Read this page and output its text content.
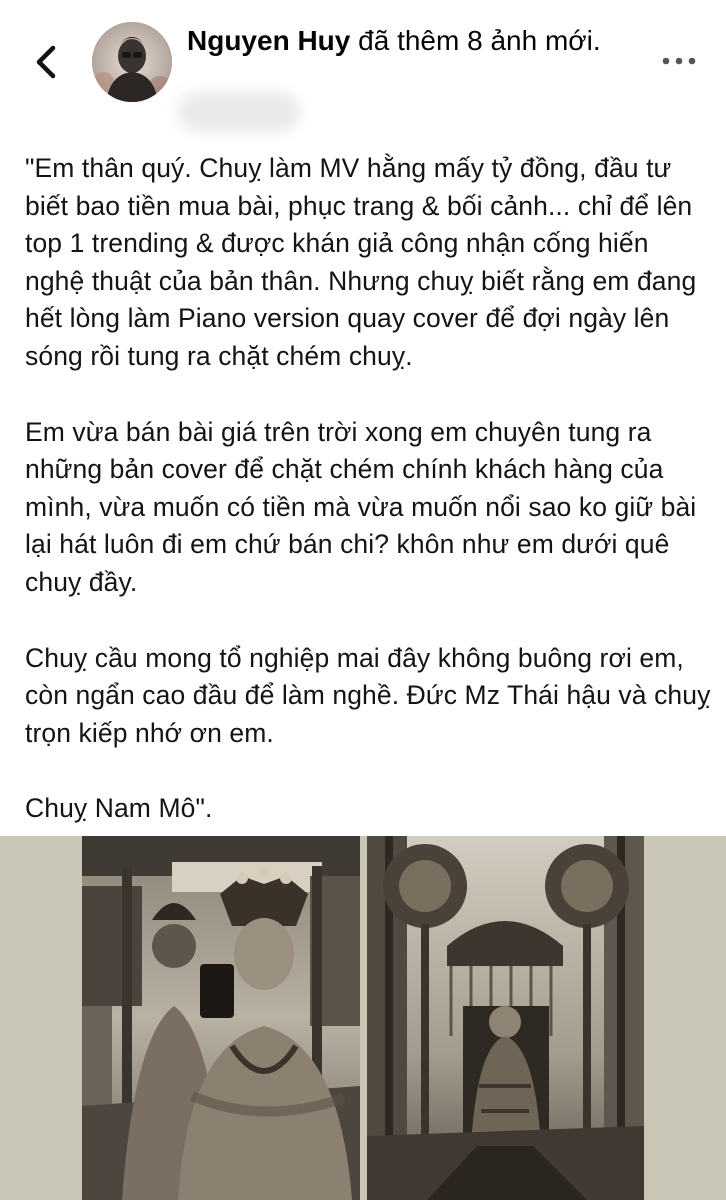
Nguyen Huy đã thêm 8 ảnh mới.

"Em thân quý. Chuỵ làm MV hằng mấy tỷ đồng, đầu tư biết bao tiền mua bài, phục trang & bối cảnh... chỉ để lên top 1 trending & được khán giả công nhận cống hiến nghệ thuật của bản thân. Nhưng chuỵ biết rằng em đang hết lòng làm Piano version quay cover để đợi ngày lên sóng rồi tung ra chặt chém chuỵ.

Em vừa bán bài giá trên trời xong em chuyên tung ra những bản cover để chặt chém chính khách hàng của mình, vừa muốn có tiền mà vừa muốn nổi sao ko giữ bài lại hát luôn đi em chứ bán chi? khôn như em dưới quê chuỵ đầy.

Chuỵ cầu mong tổ nghiệp mai đây không buông rơi em, còn ngẩn cao đầu để làm nghề. Đức Mz Thái hậu và chuỵ trọn kiếp nhớ ơn em.

Chuỵ Nam Mô".
